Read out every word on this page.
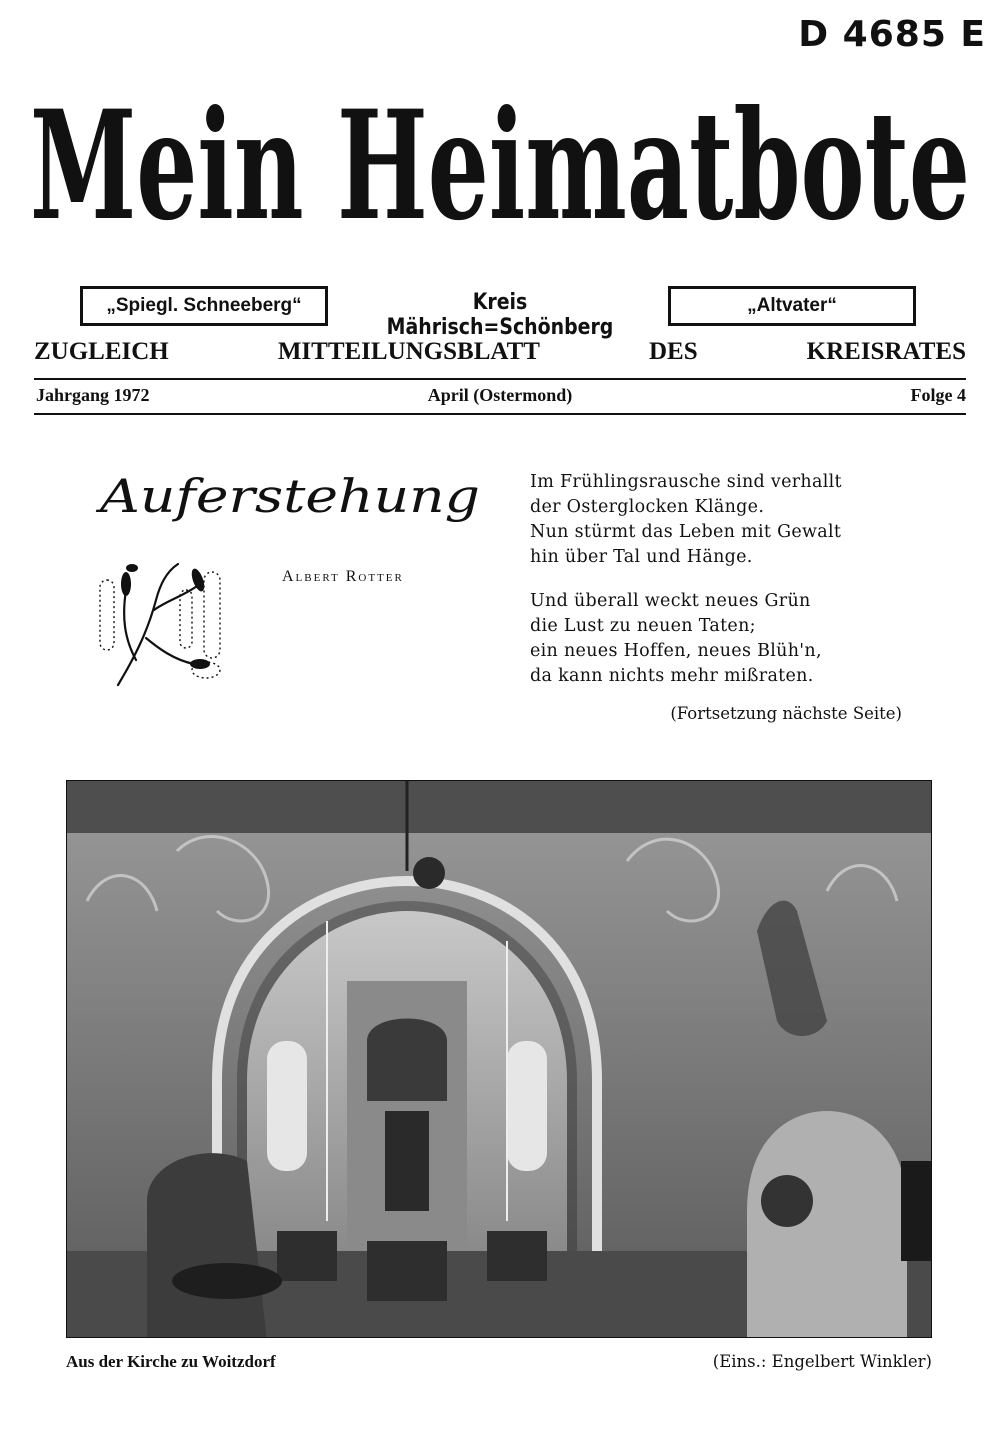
D 4685 E
Mein Heimatbote
„Spiegl. Schneeberg“	Kreis Mährisch=Schönberg
„Altvater“
ZUGLEICH	MITTEILUNGSBLATT	DES	KREISRATES
Jahrgang 1972	April (Ostermond)	Folge 4
Auferstehung
Albert Rotter
Im Frühlingsrausche sind verhallt
der Osterglocken Klänge.
Nun stürmt das Leben mit Gewalt
hin über Tal und Hänge.
Und überall weckt neues Grün
die Lust zu neuen Taten;
ein neues Hoffen, neues Blüh'n,
da kann nichts mehr mißraten.
(Fortsetzung nächste Seite)
Aus der Kirche zu Woitzdorf	(Eins.: Engelbert Winkler)
